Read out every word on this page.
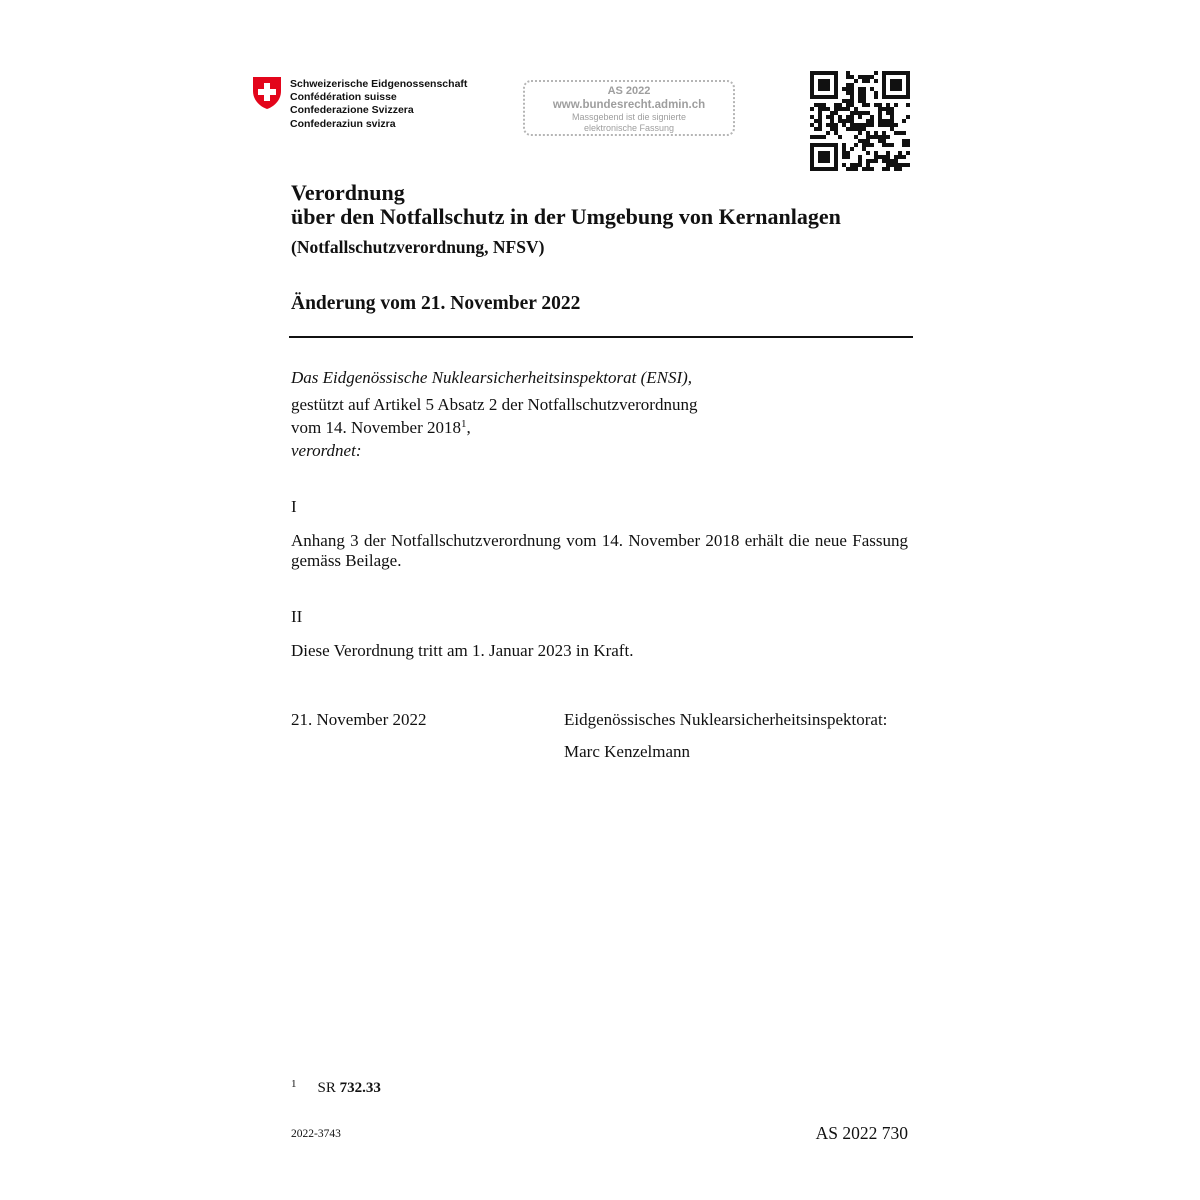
Schweizerische Eidgenossenschaft
Confédération suisse
Confederazione Svizzera
Confederaziun svizra
AS 2022
www.bundesrecht.admin.ch
Massgebend ist die signierte
elektronische Fassung
Verordnung
über den Notfallschutz in der Umgebung von Kernanlagen
(Notfallschutzverordnung, NFSV)
Änderung vom 21. November 2022
Das Eidgenössische Nuklearsicherheitsinspektorat (ENSI),
gestützt auf Artikel 5 Absatz 2 der Notfallschutzverordnung
vom 14. November 2018$^1$,
verordnet:
I
Anhang 3 der Notfallschutzverordnung vom 14. November 2018 erhält die neue Fassung gemäss Beilage.
II
Diese Verordnung tritt am 1. Januar 2023 in Kraft.
21. November 2022	Eidgenössisches Nuklearsicherheitsinspektorat:
Marc Kenzelmann
$^1$ SR 732.33
2022-3743	AS 2022 730
